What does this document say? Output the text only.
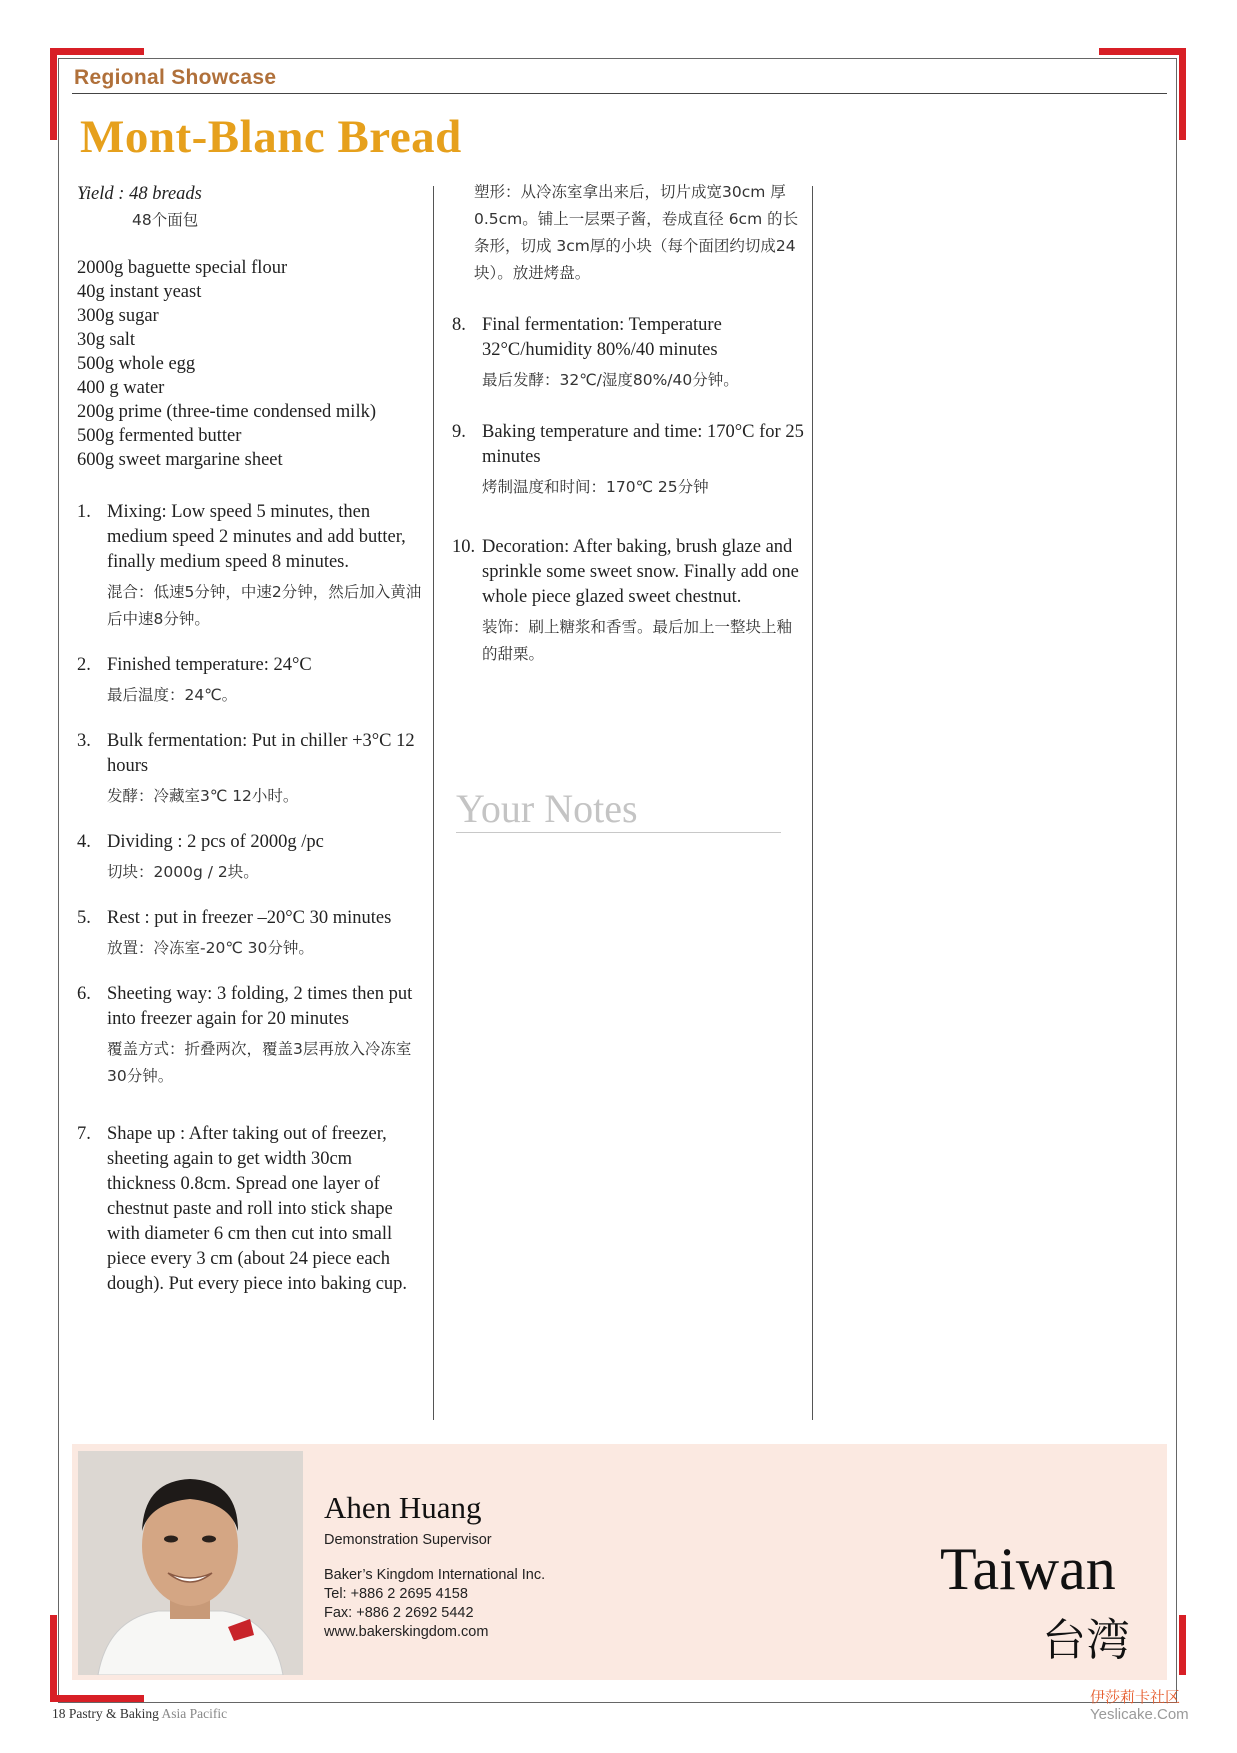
Regional Showcase
Mont-Blanc Bread
Yield : 48 breads
48个面包
2000g baguette special flour
40g instant yeast
300g sugar
30g salt
500g whole egg
400 g water
200g prime (three-time condensed milk)
500g fermented butter
600g sweet margarine sheet
1. Mixing: Low speed 5 minutes, then medium speed 2 minutes and add butter, finally medium speed 8 minutes.
混合：低速5分钟，中速2分钟，然后加入黄油后中速8分钟。
2. Finished temperature: 24°C
最后温度：24℃。
3. Bulk fermentation: Put in chiller +3°C 12 hours
发酵：冷藏室3℃ 12小时。
4. Dividing : 2 pcs of 2000g /pc
切块：2000g / 2块。
5. Rest : put in freezer –20°C 30 minutes
放置：冷冻室-20℃ 30分钟。
6. Sheeting way: 3 folding, 2 times then put into freezer again for 20 minutes
覆盖方式：折叠两次，覆盖3层再放入冷冻室30分钟。
7. Shape up : After taking out of freezer, sheeting again to get width 30cm thickness 0.8cm. Spread one layer of chestnut paste and roll into stick shape with diameter 6 cm then cut into small piece every 3 cm (about 24 piece each dough). Put every piece into baking cup.
塑形：从冷冻室拿出来后，切片成宽30cm 厚 0.5cm。铺上一层栗子酱，卷成直径 6cm 的长条形，切成 3cm厚的小块（每个面团约切成24块）。放进烤盘。
8. Final fermentation: Temperature 32°C/humidity 80%/40 minutes
最后发酵：32℃/湿度80%/40分钟。
9. Baking temperature and time: 170°C for 25 minutes
烤制温度和时间：170℃ 25分钟
10. Decoration: After baking, brush glaze and sprinkle some sweet snow. Finally add one whole piece glazed sweet chestnut.
装饰：刷上糖浆和香雪。最后加上一整块上釉的甜栗。
Your Notes
Ahen Huang
Demonstration Supervisor
Baker’s Kingdom International Inc.
Tel: +886 2 2695 4158
Fax: +886 2 2692 5442
www.bakerskingdom.com
Taiwan
台湾
18 Pastry & Baking Asia Pacific
伊莎莉卡社区
Yeslicake.Com
